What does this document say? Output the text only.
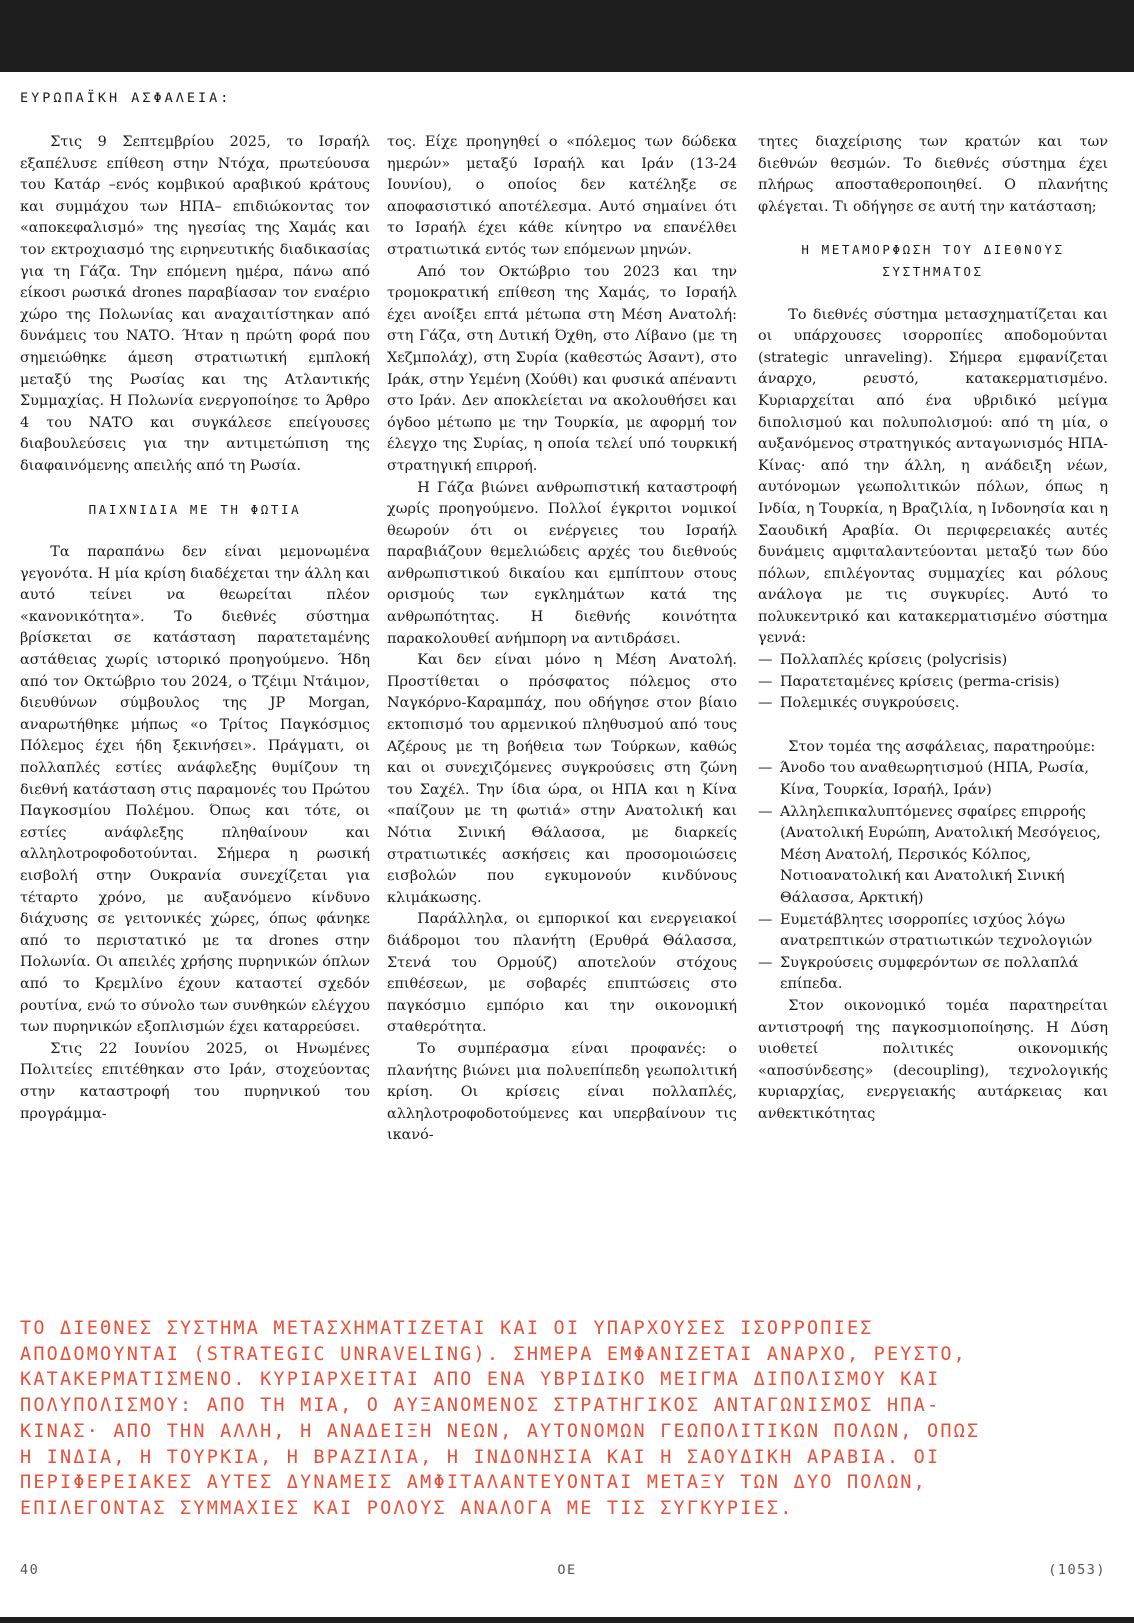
ΕΥΡΩΠΑΪΚΗ ΑΣΦΑΛΕΙΑ:

Στις 9 Σεπτεμβρίου 2025, το Ισραήλ εξαπέλυσε επίθεση στην Ντόχα, πρωτεύουσα του Κατάρ –ενός κομβικού αραβικού κράτους και συμμάχου των ΗΠΑ– επιδιώκοντας τον «αποκεφαλισμό» της ηγεσίας της Χαμάς και τον εκτροχιασμό της ειρηνευτικής διαδικασίας για τη Γάζα. Την επόμενη ημέρα, πάνω από είκοσι ρωσικά drones παραβίασαν τον εναέριο χώρο της Πολωνίας και αναχαιτίστηκαν από δυνάμεις του ΝΑΤΟ. Ήταν η πρώτη φορά που σημειώθηκε άμεση στρατιωτική εμπλοκή μεταξύ της Ρωσίας και της Ατλαντικής Συμμαχίας. Η Πολωνία ενεργοποίησε το Άρθρο 4 του ΝΑΤΟ και συγκάλεσε επείγουσες διαβουλεύσεις για την αντιμετώπιση της διαφαινόμενης απειλής από τη Ρωσία.

ΠΑΙΧΝΙΔΙΑ ΜΕ ΤΗ ΦΩΤΙΑ

Τα παραπάνω δεν είναι μεμονωμένα γεγονότα. Η μία κρίση διαδέχεται την άλλη και αυτό τείνει να θεωρείται πλέον «κανονικότητα». Το διεθνές σύστημα βρίσκεται σε κατάσταση παρατεταμένης αστάθειας χωρίς ιστορικό προηγούμενο. Ήδη από τον Οκτώβριο του 2024, ο Τζέιμι Ντάιμον, διευθύνων σύμβουλος της JP Morgan, αναρωτήθηκε μήπως «ο Τρίτος Παγκόσμιος Πόλεμος έχει ήδη ξεκινήσει». Πράγματι, οι πολλαπλές εστίες ανάφλεξης θυμίζουν τη διεθνή κατάσταση στις παραμονές του Πρώτου Παγκοσμίου Πολέμου. Όπως και τότε, οι εστίες ανάφλεξης πληθαίνουν και αλληλοτροφοδοτούνται. Σήμερα η ρωσική εισβολή στην Ουκρανία συνεχίζεται για τέταρτο χρόνο, με αυξανόμενο κίνδυνο διάχυσης σε γειτονικές χώρες, όπως φάνηκε από το περιστατικό με τα drones στην Πολωνία. Οι απειλές χρήσης πυρηνικών όπλων από το Κρεμλίνο έχουν καταστεί σχεδόν ρουτίνα, ενώ το σύνολο των συνθηκών ελέγχου των πυρηνικών εξοπλισμών έχει καταρρεύσει.

Στις 22 Ιουνίου 2025, οι Ηνωμένες Πολιτείες επιτέθηκαν στο Ιράν, στοχεύοντας στην καταστροφή του πυρηνικού του προγράμμα-

τος. Είχε προηγηθεί ο «πόλεμος των δώδεκα ημερών» μεταξύ Ισραήλ και Ιράν (13-24 Ιουνίου), ο οποίος δεν κατέληξε σε αποφασιστικό αποτέλεσμα. Αυτό σημαίνει ότι το Ισραήλ έχει κάθε κίνητρο να επανέλθει στρατιωτικά εντός των επόμενων μηνών.

Από τον Οκτώβριο του 2023 και την τρομοκρατική επίθεση της Χαμάς, το Ισραήλ έχει ανοίξει επτά μέτωπα στη Μέση Ανατολή: στη Γάζα, στη Δυτική Όχθη, στο Λίβανο (με τη Χεζμπολάχ), στη Συρία (καθεστώς Άσαντ), στο Ιράκ, στην Υεμένη (Χούθι) και φυσικά απέναντι στο Ιράν. Δεν αποκλείεται να ακολουθήσει και όγδοο μέτωπο με την Τουρκία, με αφορμή τον έλεγχο της Συρίας, η οποία τελεί υπό τουρκική στρατηγική επιρροή.

Η Γάζα βιώνει ανθρωπιστική καταστροφή χωρίς προηγούμενο. Πολλοί έγκριτοι νομικοί θεωρούν ότι οι ενέργειες του Ισραήλ παραβιάζουν θεμελιώδεις αρχές του διεθνούς ανθρωπιστικού δικαίου και εμπίπτουν στους ορισμούς των εγκλημάτων κατά της ανθρωπότητας. Η διεθνής κοινότητα παρακολουθεί ανήμπορη να αντιδράσει.

Και δεν είναι μόνο η Μέση Ανατολή. Προστίθεται ο πρόσφατος πόλεμος στο Ναγκόρνο-Καραμπάχ, που οδήγησε στον βίαιο εκτοπισμό του αρμενικού πληθυσμού από τους Αζέρους με τη βοήθεια των Τούρκων, καθώς και οι συνεχιζόμενες συγκρούσεις στη ζώνη του Σαχέλ. Την ίδια ώρα, οι ΗΠΑ και η Κίνα «παίζουν με τη φωτιά» στην Ανατολική και Νότια Σινική Θάλασσα, με διαρκείς στρατιωτικές ασκήσεις και προσομοιώσεις εισβολών που εγκυμονούν κινδύνους κλιμάκωσης.

Παράλληλα, οι εμπορικοί και ενεργειακοί διάδρομοι του πλανήτη (Ερυθρά Θάλασσα, Στενά του Ορμούζ) αποτελούν στόχους επιθέσεων, με σοβαρές επιπτώσεις στο παγκόσμιο εμπόριο και την οικονομική σταθερότητα.

Το συμπέρασμα είναι προφανές: ο πλανήτης βιώνει μια πολυεπίπεδη γεωπολιτική κρίση. Οι κρίσεις είναι πολλαπλές, αλληλοτροφοδοτούμενες και υπερβαίνουν τις ικανό-

τητες διαχείρισης των κρατών και των διεθνών θεσμών. Το διεθνές σύστημα έχει πλήρως αποσταθεροποιηθεί. Ο πλανήτης φλέγεται. Τι οδήγησε σε αυτή την κατάσταση;

Η ΜΕΤΑΜΟΡΦΩΣΗ ΤΟΥ ΔΙΕΘΝΟΥΣ ΣΥΣΤΗΜΑΤΟΣ

Το διεθνές σύστημα μετασχηματίζεται και οι υπάρχουσες ισορροπίες αποδομούνται (strategic unraveling). Σήμερα εμφανίζεται άναρχο, ρευστό, κατακερματισμένο. Κυριαρχείται από ένα υβριδικό μείγμα διπολισμού και πολυπολισμού: από τη μία, ο αυξανόμενος στρατηγικός ανταγωνισμός ΗΠΑ-Κίνας· από την άλλη, η ανάδειξη νέων, αυτόνομων γεωπολιτικών πόλων, όπως η Ινδία, η Τουρκία, η Βραζιλία, η Ινδονησία και η Σαουδική Αραβία. Οι περιφερειακές αυτές δυνάμεις αμφιταλαντεύονται μεταξύ των δύο πόλων, επιλέγοντας συμμαχίες και ρόλους ανάλογα με τις συγκυρίες. Αυτό το πολυκεντρικό και κατακερματισμένο σύστημα γεννά:

— Πολλαπλές κρίσεις (polycrisis)
— Παρατεταμένες κρίσεις (perma-crisis)
— Πολεμικές συγκρούσεις.

Στον τομέα της ασφάλειας, παρατηρούμε:

— Άνοδο του αναθεωρητισμού (ΗΠΑ, Ρωσία, Κίνα, Τουρκία, Ισραήλ, Ιράν)
— Αλληλεπικαλυπτόμενες σφαίρες επιρροής (Ανατολική Ευρώπη, Ανατολική Μεσόγειος, Μέση Ανατολή, Περσικός Κόλπος, Νοτιοανατολική και Ανατολική Σινική Θάλασσα, Αρκτική)
— Ευμετάβλητες ισορροπίες ισχύος λόγω ανατρεπτικών στρατιωτικών τεχνολογιών
— Συγκρούσεις συμφερόντων σε πολλαπλά επίπεδα.

Στον οικονομικό τομέα παρατηρείται αντιστροφή της παγκοσμιοποίησης. Η Δύση υιοθετεί πολιτικές οικονομικής «αποσύνδεσης» (decoupling), τεχνολογικής κυριαρχίας, ενεργειακής αυτάρκειας και ανθεκτικότητας

ΤΟ ΔΙΕΘΝΕΣ ΣΥΣΤΗΜΑ ΜΕΤΑΣΧΗΜΑΤΙΖΕΤΑΙ ΚΑΙ ΟΙ ΥΠΑΡΧΟΥΣΕΣ ΙΣΟΡΡΟΠΙΕΣ
ΑΠΟΔΟΜΟΥΝΤΑΙ (STRATEGIC UNRAVELING). ΣΗΜΕΡΑ ΕΜΦΑΝΙΖΕΤΑΙ ΑΝΑΡΧΟ, ΡΕΥΣΤΟ,
ΚΑΤΑΚΕΡΜΑΤΙΣΜΕΝΟ. ΚΥΡΙΑΡΧΕΙΤΑΙ ΑΠΟ ΕΝΑ ΥΒΡΙΔΙΚΟ ΜΕΙΓΜΑ ΔΙΠΟΛΙΣΜΟΥ ΚΑΙ
ΠΟΛΥΠΟΛΙΣΜΟΥ: ΑΠΟ ΤΗ ΜΙΑ, Ο ΑΥΞΑΝΟΜΕΝΟΣ ΣΤΡΑΤΗΓΙΚΟΣ ΑΝΤΑΓΩΝΙΣΜΟΣ ΗΠΑ-
ΚΙΝΑΣ· ΑΠΟ ΤΗΝ ΑΛΛΗ, Η ΑΝΑΔΕΙΞΗ ΝΕΩΝ, ΑΥΤΟΝΟΜΩΝ ΓΕΩΠΟΛΙΤΙΚΩΝ ΠΟΛΩΝ, ΟΠΩΣ
Η ΙΝΔΙΑ, Η ΤΟΥΡΚΙΑ, Η ΒΡΑΖΙΛΙΑ, Η ΙΝΔΟΝΗΣΙΑ ΚΑΙ Η ΣΑΟΥΔΙΚΗ ΑΡΑΒΙΑ. ΟΙ
ΠΕΡΙΦΕΡΕΙΑΚΕΣ ΑΥΤΕΣ ΔΥΝΑΜΕΙΣ ΑΜΦΙΤΑΛΑΝΤΕΥΟΝΤΑΙ ΜΕΤΑΞΥ ΤΩΝ ΔΥΟ ΠΟΛΩΝ,
ΕΠΙΛΕΓΟΝΤΑΣ ΣΥΜΜΑΧΙΕΣ ΚΑΙ ΡΟΛΟΥΣ ΑΝΑΛΟΓΑ ΜΕ ΤΙΣ ΣΥΓΚΥΡΙΕΣ.
40	ΟΕ	(1053)
